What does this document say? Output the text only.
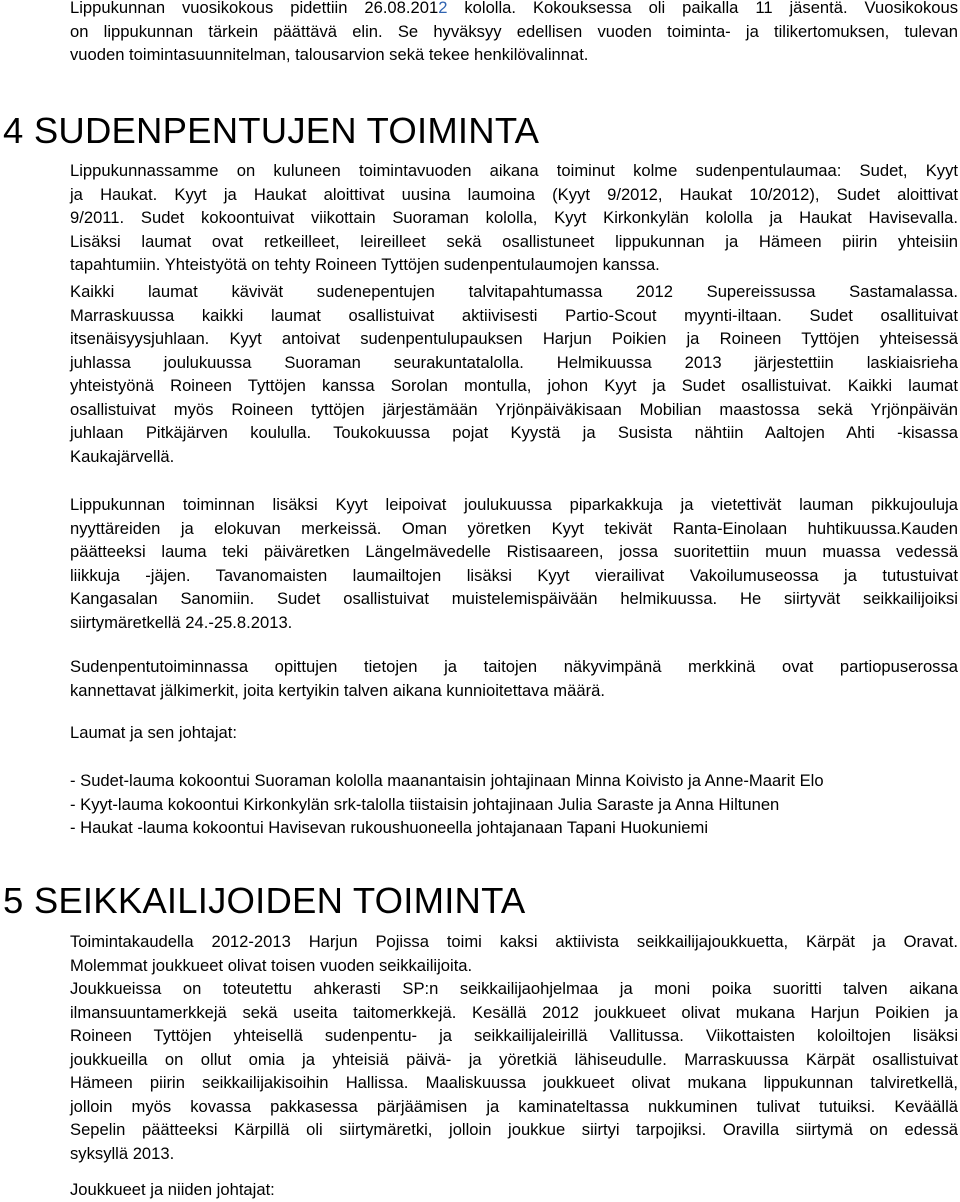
Lippukunnan vuosikokous pidettiin 26.08.2012 kololla. Kokouksessa oli paikalla 11 jäsentä. Vuosikokous
on lippukunnan tärkein päättävä elin. Se hyväksyy edellisen vuoden toiminta- ja tilikertomuksen, tulevan
vuoden toimintasuunnitelman, talousarvion sekä tekee henkilövalinnat.
4 SUDENPENTUJEN TOIMINTA
Lippukunnassamme on kuluneen toimintavuoden aikana toiminut kolme sudenpentulaumaa: Sudet, Kyyt
ja Haukat. Kyyt ja Haukat aloittivat uusina laumoina (Kyyt 9/2012, Haukat 10/2012), Sudet aloittivat
9/2011. Sudet kokoontuivat viikottain Suoraman kololla, Kyyt Kirkonkylän kololla ja Haukat Havisevalla.
Lisäksi laumat ovat retkeilleet, leireilleet sekä osallistuneet lippukunnan ja Hämeen piirin yhteisiin
tapahtumiin. Yhteistyötä on tehty Roineen Tyttöjen sudenpentulaumojen kanssa.
Kaikki laumat kävivät sudenepentujen talvitapahtumassa 2012 Supereissussa Sastamalassa.
Marraskuussa kaikki laumat osallistuivat aktiivisesti Partio-Scout myynti-iltaan. Sudet osallituivat
itsenäisyysjuhlaan. Kyyt antoivat sudenpentulupauksen Harjun Poikien ja Roineen Tyttöjen yhteisessä
juhlassa joulukuussa Suoraman seurakuntatalolla. Helmikuussa 2013 järjestettiin laskiaisrieha
yhteistyönä Roineen Tyttöjen kanssa Sorolan montulla, johon Kyyt ja Sudet osallistuivat. Kaikki laumat
osallistuivat myös Roineen tyttöjen järjestämään Yrjönpäiväkisaan Mobilian maastossa sekä Yrjönpäivän
juhlaan Pitkäjärven koululla. Toukokuussa pojat Kyystä ja Susista nähtiin Aaltojen Ahti -kisassa
Kaukajärvellä.
Lippukunnan toiminnan lisäksi Kyyt leipoivat joulukuussa piparkakkuja ja vietettivät lauman pikkujouluja
nyyttäreiden ja elokuvan merkeissä. Oman yöretken Kyyt tekivät Ranta-Einolaan huhtikuussa.Kauden
päätteeksi lauma teki päiväretken Längelmävedelle Ristisaareen, jossa suoritettiin muun muassa vedessä
liikkuja -jäjen. Tavanomaisten laumailtojen lisäksi Kyyt vierailivat Vakoilumuseossa ja tutustuivat
Kangasalan Sanomiin. Sudet osallistuivat muistelemispäivään helmikuussa. He siirtyvät seikkailijoiksi
siirtymäretkellä 24.-25.8.2013.
Sudenpentutoiminnassa opittujen tietojen ja taitojen näkyvimpänä merkkinä ovat partiopuserossa
kannettavat jälkimerkit, joita kertyikin talven aikana kunnioitettava määrä.
Laumat ja sen johtajat:
- Sudet-lauma kokoontui Suoraman kololla maanantaisin johtajinaan Minna Koivisto ja Anne-Maarit Elo
- Kyyt-lauma kokoontui Kirkonkylän srk-talolla tiistaisin johtajinaan Julia Saraste ja Anna Hiltunen
- Haukat -lauma kokoontui Havisevan rukoushuoneella johtajanaan Tapani Huokuniemi
5 SEIKKAILIJOIDEN TOIMINTA
Toimintakaudella 2012-2013 Harjun Pojissa toimi kaksi aktiivista seikkailijajoukkuetta, Kärpät ja Oravat.
Molemmat joukkueet olivat toisen vuoden seikkailijoita.
Joukkueissa on toteutettu ahkerasti SP:n seikkailijaohjelmaa ja moni poika suoritti talven aikana
ilmansuuntamerkkejä sekä useita taitomerkkejä. Kesällä 2012 joukkueet olivat mukana Harjun Poikien ja
Roineen Tyttöjen yhteisellä sudenpentu- ja seikkailijaleirillä Vallitussa. Viikottaisten koloiltojen lisäksi
joukkueilla on ollut omia ja yhteisiä päivä- ja yöretkiä lähiseudulle. Marraskuussa Kärpät osallistuivat
Hämeen piirin seikkailijakisoihin Hallissa. Maaliskuussa joukkueet olivat mukana lippukunnan talviretkellä,
jolloin myös kovassa pakkasessa pärjäämisen ja kaminateltassa nukkuminen tulivat tutuiksi. Keväällä
Sepelin päätteeksi Kärpillä oli siirtymäretki, jolloin joukkue siirtyi tarpojiksi. Oravilla siirtymä on edessä
syksyllä 2013.
Joukkueet ja niiden johtajat:
